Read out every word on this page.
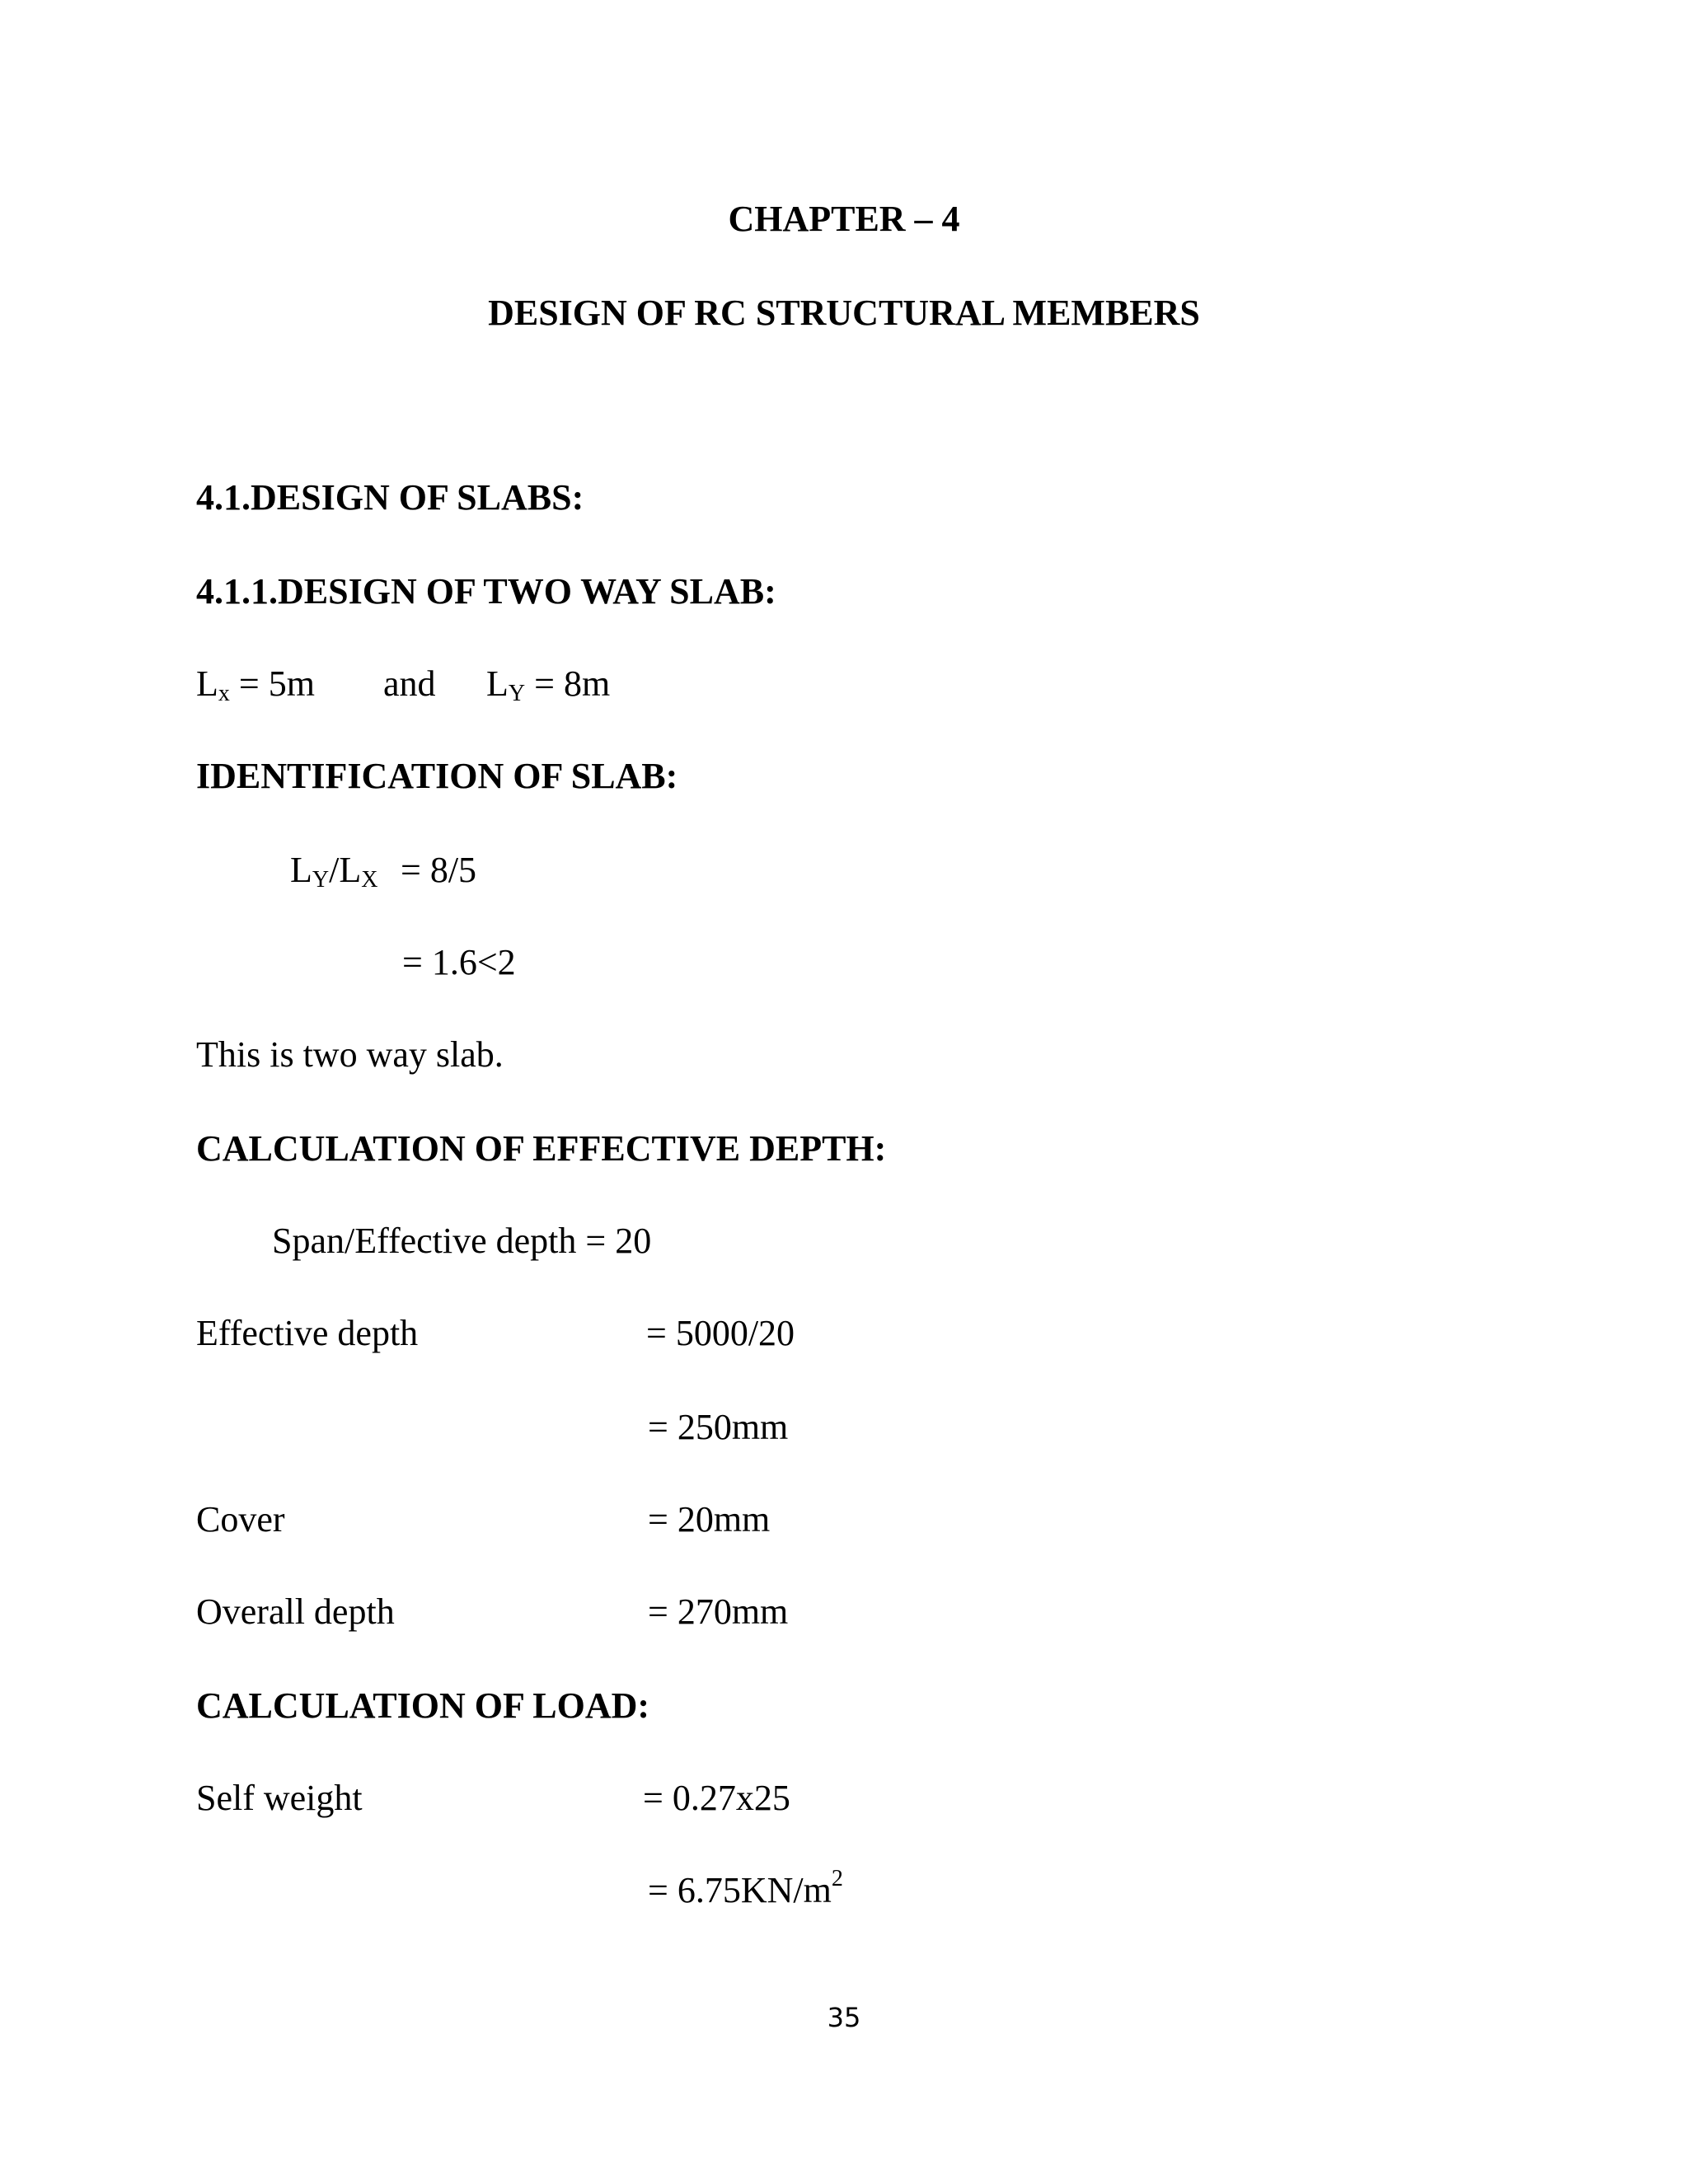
CHAPTER – 4
DESIGN OF RC STRUCTURAL MEMBERS
4.1.DESIGN OF SLABS:
4.1.1.DESIGN OF TWO WAY SLAB:
$L_x = 5m$ and $L_Y = 8m$
IDENTIFICATION OF SLAB:
$L_Y/L_X = 8/5$
= 1.6<2
This is two way slab.
CALCULATION OF EFFECTIVE DEPTH:
Span/Effective depth = 20
Effective depth	= 5000/20
= 250mm
Cover	= 20mm
Overall depth	= 270mm
CALCULATION OF LOAD:
Self weight	= 0.27x25
= $6.75KN/m^2$
35
